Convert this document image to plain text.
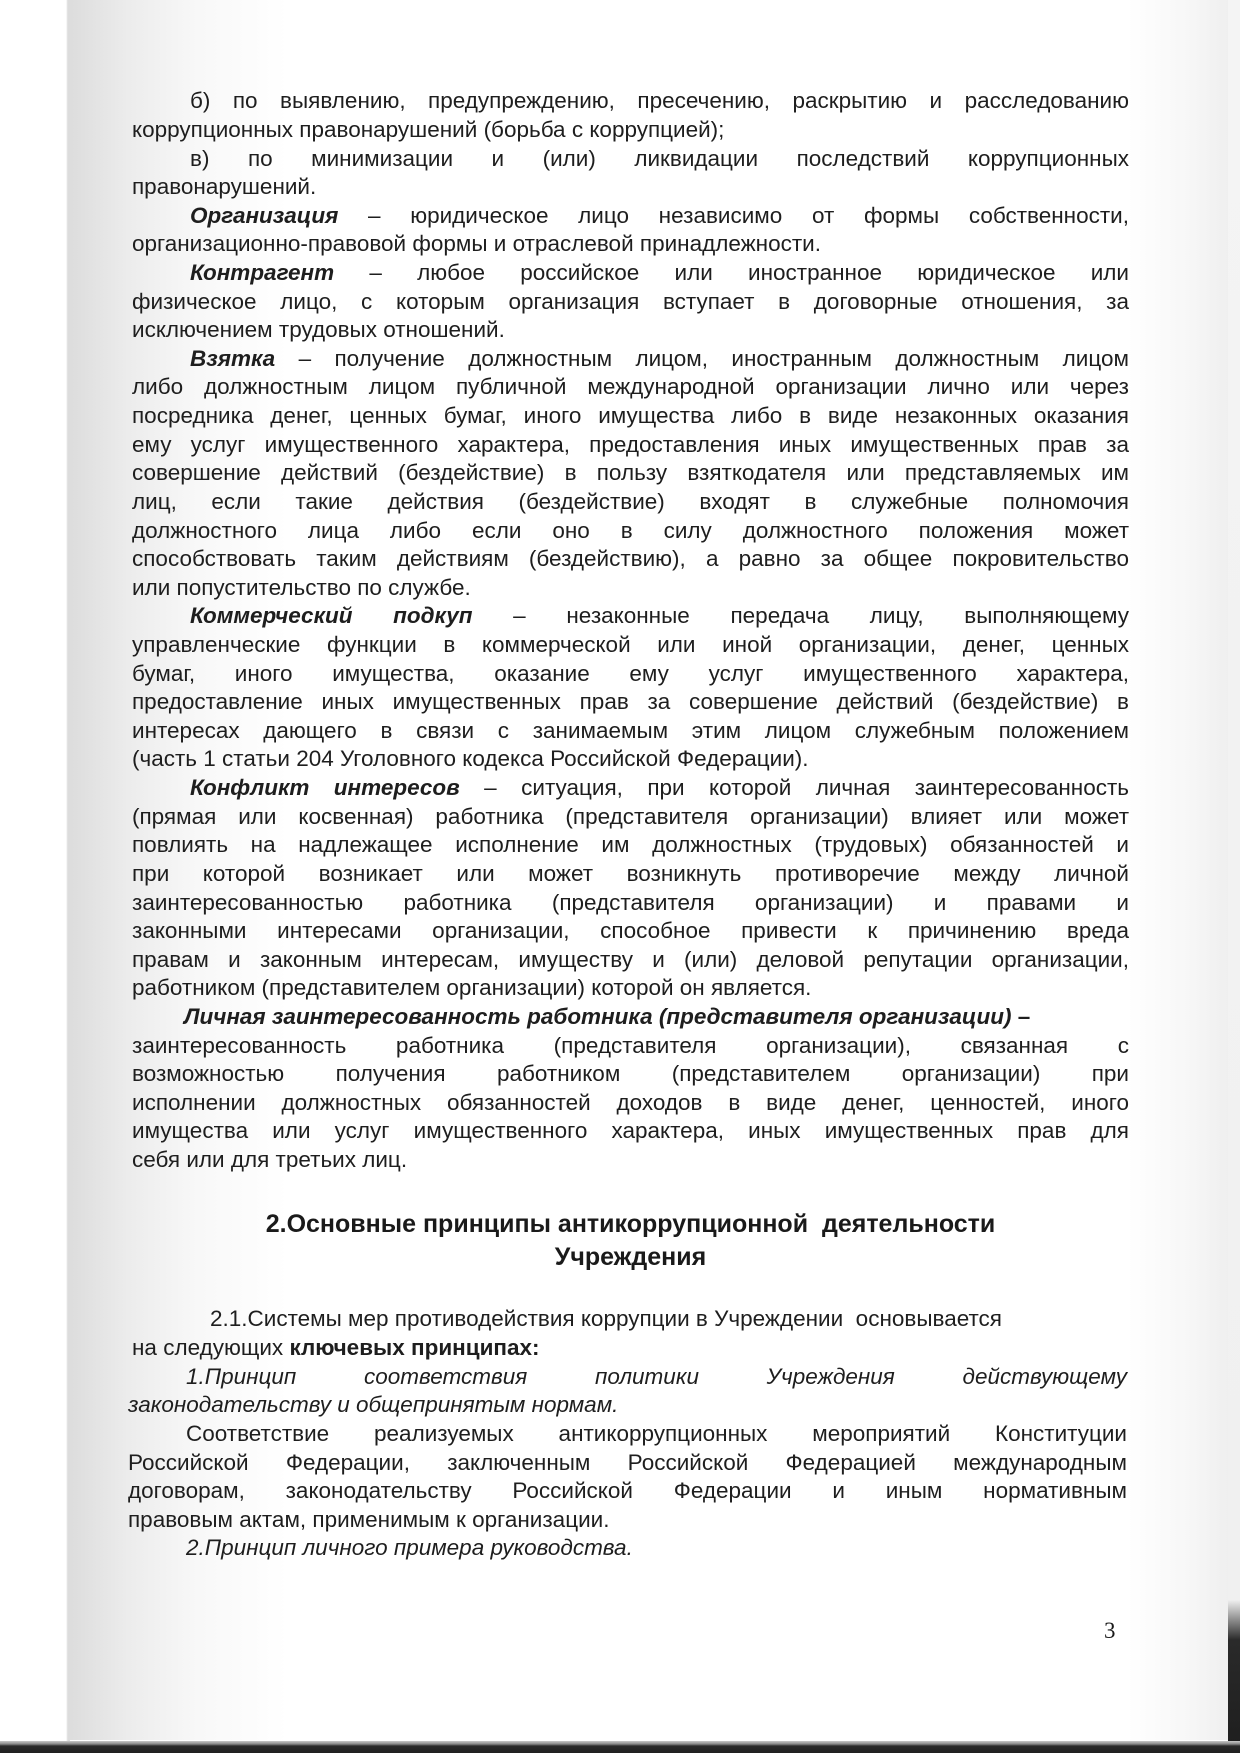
б) по выявлению, предупреждению, пресечению, раскрытию и расследованию
коррупционных правонарушений (борьба с коррупцией);
в) по минимизации и (или) ликвидации последствий коррупционных
правонарушений.
Организация – юридическое лицо независимо от формы собственности,
организационно-правовой формы и отраслевой принадлежности.
Контрагент – любое российское или иностранное юридическое или
физическое лицо, с которым организация вступает в договорные отношения, за
исключением трудовых отношений.
Взятка – получение должностным лицом, иностранным должностным лицом
либо должностным лицом публичной международной организации лично или через
посредника денег, ценных бумаг, иного имущества либо в виде незаконных оказания
ему услуг имущественного характера, предоставления иных имущественных прав за
совершение действий (бездействие) в пользу взяткодателя или представляемых им
лиц, если такие действия (бездействие) входят в служебные полномочия
должностного лица либо если оно в силу должностного положения может
способствовать таким действиям (бездействию), а равно за общее покровительство
или попустительство по службе.
Коммерческий подкуп – незаконные передача лицу, выполняющему
управленческие функции в коммерческой или иной организации, денег, ценных
бумаг, иного имущества, оказание ему услуг имущественного характера,
предоставление иных имущественных прав за совершение действий (бездействие) в
интересах дающего в связи с занимаемым этим лицом служебным положением
(часть 1 статьи 204 Уголовного кодекса Российской Федерации).
Конфликт интересов – ситуация, при которой личная заинтересованность
(прямая или косвенная) работника (представителя организации) влияет или может
повлиять на надлежащее исполнение им должностных (трудовых) обязанностей и
при которой возникает или может возникнуть противоречие между личной
заинтересованностью работника (представителя организации) и правами и
законными интересами организации, способное привести к причинению вреда
правам и законным интересам, имуществу и (или) деловой репутации организации,
работником (представителем организации) которой он является.
Личная заинтересованность работника (представителя организации) –
заинтересованность работника (представителя организации), связанная с
возможностью получения работником (представителем организации) при
исполнении должностных обязанностей доходов в виде денег, ценностей, иного
имущества или услуг имущественного характера, иных имущественных прав для
себя или для третьих лиц.
2.Основные принципы антикоррупционной  деятельности
Учреждения
2.1.Системы мер противодействия коррупции в Учреждении  основывается
на следующих ключевых принципах:
1.Принцип соответствия политики Учреждения действующему
законодательству и общепринятым нормам.
Соответствие реализуемых антикоррупционных мероприятий Конституции
Российской Федерации, заключенным Российской Федерацией международным
договорам, законодательству Российской Федерации и иным нормативным
правовым актам, применимым к организации.
2.Принцип личного примера руководства.
3
